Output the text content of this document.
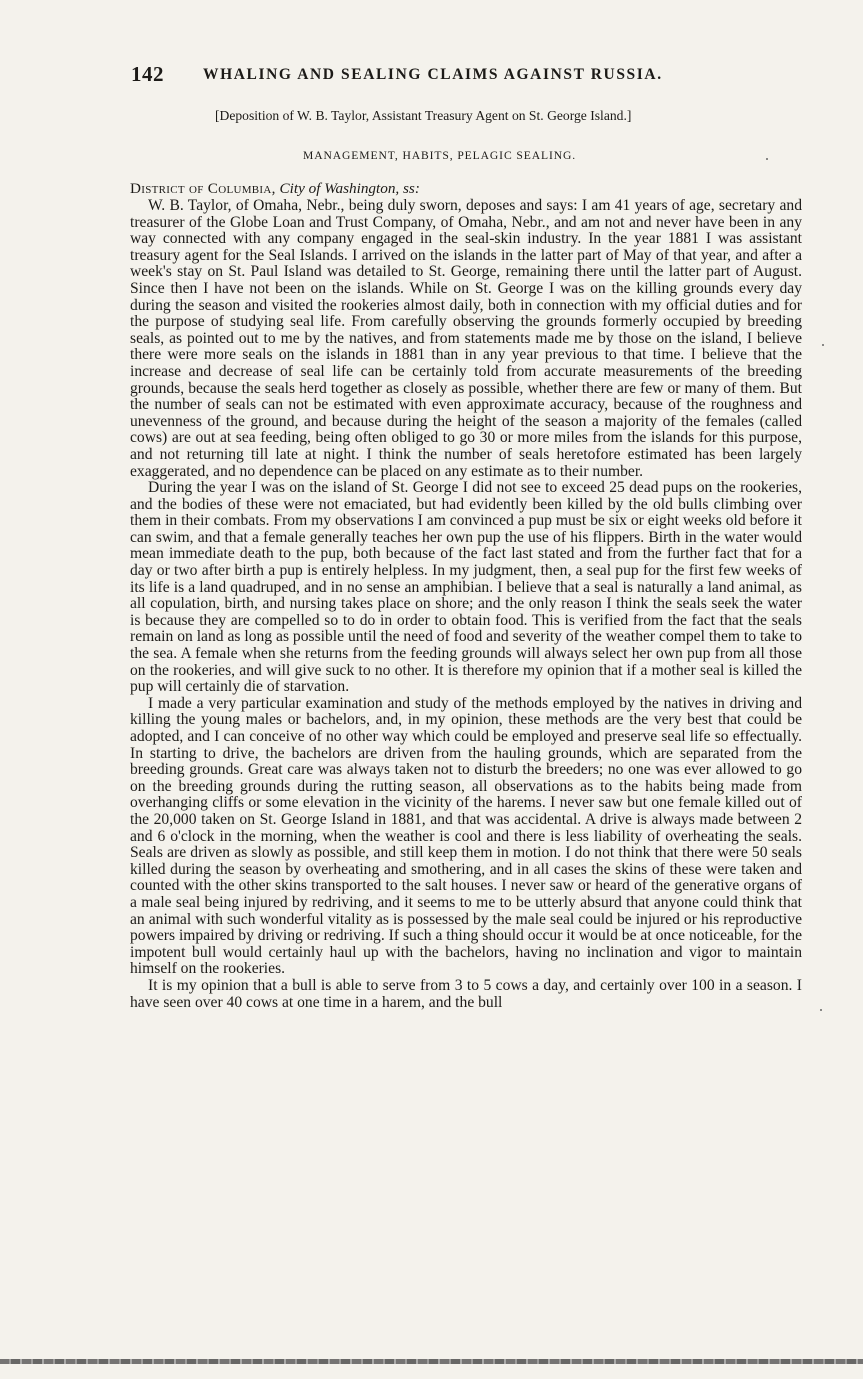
142	WHALING AND SEALING CLAIMS AGAINST RUSSIA.
[Deposition of W. B. Taylor, Assistant Treasury Agent on St. George Island.]
MANAGEMENT, HABITS, PELAGIC SEALING.
District of Columbia, City of Washington, ss:

W. B. Taylor, of Omaha, Nebr., being duly sworn, deposes and says: I am 41 years of age, secretary and treasurer of the Globe Loan and Trust Company, of Omaha, Nebr., and am not and never have been in any way connected with any company engaged in the seal-skin industry. In the year 1881 I was assistant treasury agent for the Seal Islands. I arrived on the islands in the latter part of May of that year, and after a week's stay on St. Paul Island was detailed to St. George, remaining there until the latter part of August. Since then I have not been on the islands. While on St. George I was on the killing grounds every day during the season and visited the rookeries almost daily, both in connection with my official duties and for the purpose of studying seal life. From carefully observing the grounds formerly occupied by breeding seals, as pointed out to me by the natives, and from statements made me by those on the island, I believe there were more seals on the islands in 1881 than in any year previous to that time. I believe that the increase and decrease of seal life can be certainly told from accurate measurements of the breeding grounds, because the seals herd together as closely as possible, whether there are few or many of them. But the number of seals can not be estimated with even approximate accuracy, because of the roughness and unevenness of the ground, and because during the height of the season a majority of the females (called cows) are out at sea feeding, being often obliged to go 30 or more miles from the islands for this purpose, and not returning till late at night. I think the number of seals heretofore estimated has been largely exaggerated, and no dependence can be placed on any estimate as to their number.

During the year I was on the island of St. George I did not see to exceed 25 dead pups on the rookeries, and the bodies of these were not emaciated, but had evidently been killed by the old bulls climbing over them in their combats. From my observations I am convinced a pup must be six or eight weeks old before it can swim, and that a female generally teaches her own pup the use of his flippers. Birth in the water would mean immediate death to the pup, both because of the fact last stated and from the further fact that for a day or two after birth a pup is entirely helpless. In my judgment, then, a seal pup for the first few weeks of its life is a land quadruped, and in no sense an amphibian. I believe that a seal is naturally a land animal, as all copulation, birth, and nursing takes place on shore; and the only reason I think the seals seek the water is because they are compelled so to do in order to obtain food. This is verified from the fact that the seals remain on land as long as possible until the need of food and severity of the weather compel them to take to the sea. A female when she returns from the feeding grounds will always select her own pup from all those on the rookeries, and will give suck to no other. It is therefore my opinion that if a mother seal is killed the pup will certainly die of starvation.

I made a very particular examination and study of the methods employed by the natives in driving and killing the young males or bachelors, and, in my opinion, these methods are the very best that could be adopted, and I can conceive of no other way which could be employed and preserve seal life so effectually. In starting to drive, the bachelors are driven from the hauling grounds, which are separated from the breeding grounds. Great care was always taken not to disturb the breeders; no one was ever allowed to go on the breeding grounds during the rutting season, all observations as to the habits being made from overhanging cliffs or some elevation in the vicinity of the harems. I never saw but one female killed out of the 20,000 taken on St. George Island in 1881, and that was accidental. A drive is always made between 2 and 6 o'clock in the morning, when the weather is cool and there is less liability of overheating the seals. Seals are driven as slowly as possible, and still keep them in motion. I do not think that there were 50 seals killed during the season by overheating and smothering, and in all cases the skins of these were taken and counted with the other skins transported to the salt houses. I never saw or heard of the generative organs of a male seal being injured by redriving, and it seems to me to be utterly absurd that anyone could think that an animal with such wonderful vitality as is possessed by the male seal could be injured or his reproductive powers impaired by driving or redriving. If such a thing should occur it would be at once noticeable, for the impotent bull would certainly haul up with the bachelors, having no inclination and vigor to maintain himself on the rookeries.

It is my opinion that a bull is able to serve from 3 to 5 cows a day, and certainly over 100 in a season. I have seen over 40 cows at one time in a harem, and the bull
